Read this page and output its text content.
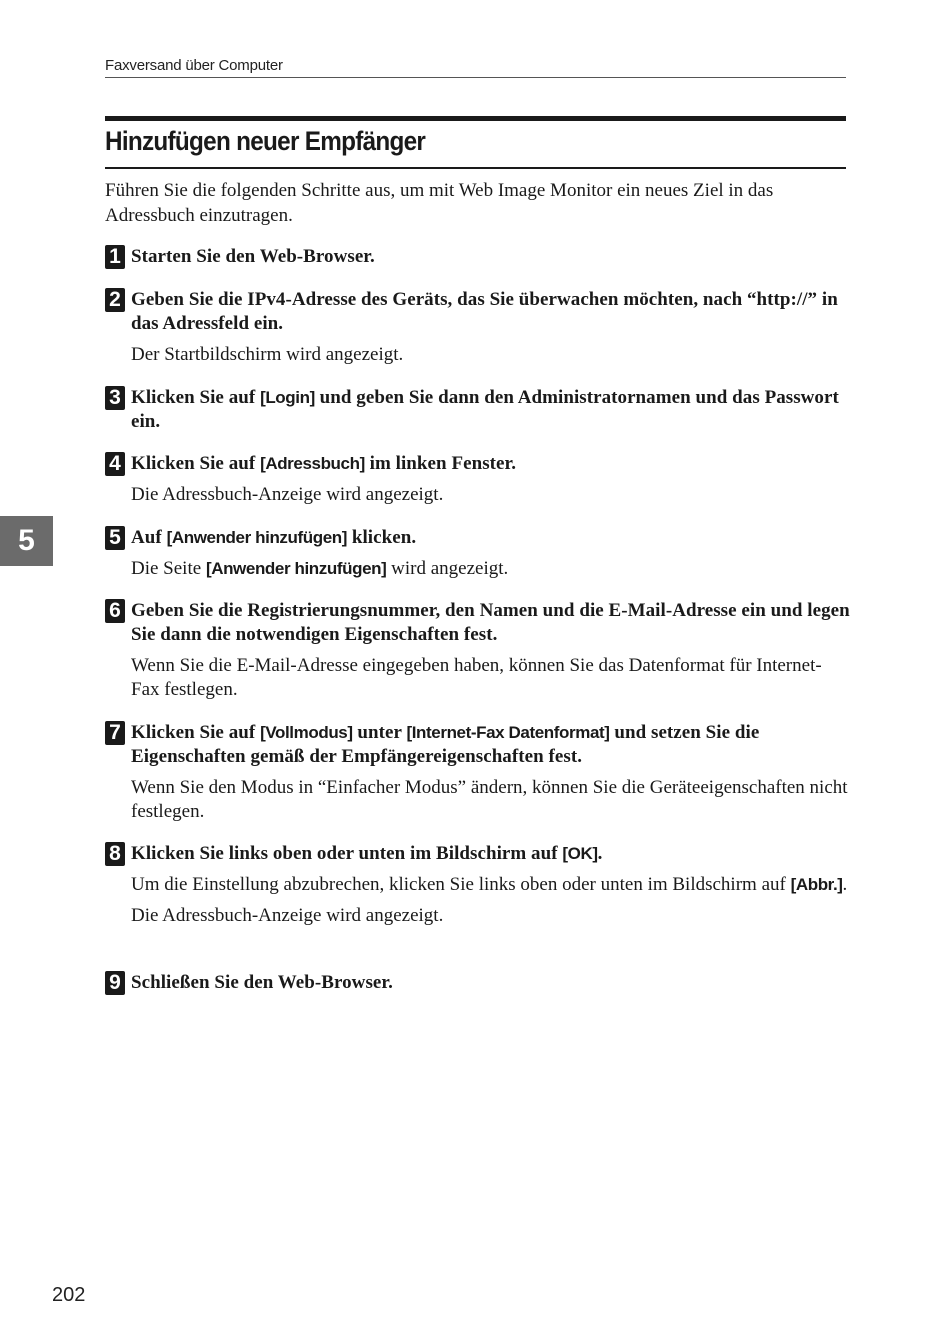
Faxversand über Computer
Hinzufügen neuer Empfänger

Führen Sie die folgenden Schritte aus, um mit Web Image Monitor ein neues Ziel in das Adressbuch einzutragen.

1 Starten Sie den Web-Browser.

2 Geben Sie die IPv4-Adresse des Geräts, das Sie überwachen möchten, nach “http://” in das Adressfeld ein.

Der Startbildschirm wird angezeigt.

3 Klicken Sie auf [Login] und geben Sie dann den Administratornamen und das Passwort ein.

4 Klicken Sie auf [Adressbuch] im linken Fenster.

Die Adressbuch-Anzeige wird angezeigt.

5 Auf [Anwender hinzufügen] klicken.

Die Seite [Anwender hinzufügen] wird angezeigt.

6 Geben Sie die Registrierungsnummer, den Namen und die E-Mail-Adresse ein und legen Sie dann die notwendigen Eigenschaften fest.

Wenn Sie die E-Mail-Adresse eingegeben haben, können Sie das Datenformat für Internet-Fax festlegen.

7 Klicken Sie auf [Vollmodus] unter [Internet-Fax Datenformat] und setzen Sie die Eigenschaften gemäß der Empfängereigenschaften fest.

Wenn Sie den Modus in “Einfacher Modus” ändern, können Sie die Geräteeigenschaften nicht festlegen.

8 Klicken Sie links oben oder unten im Bildschirm auf [OK].

Um die Einstellung abzubrechen, klicken Sie links oben oder unten im Bildschirm auf [Abbr.].

Die Adressbuch-Anzeige wird angezeigt.

9 Schließen Sie den Web-Browser.

5
202
